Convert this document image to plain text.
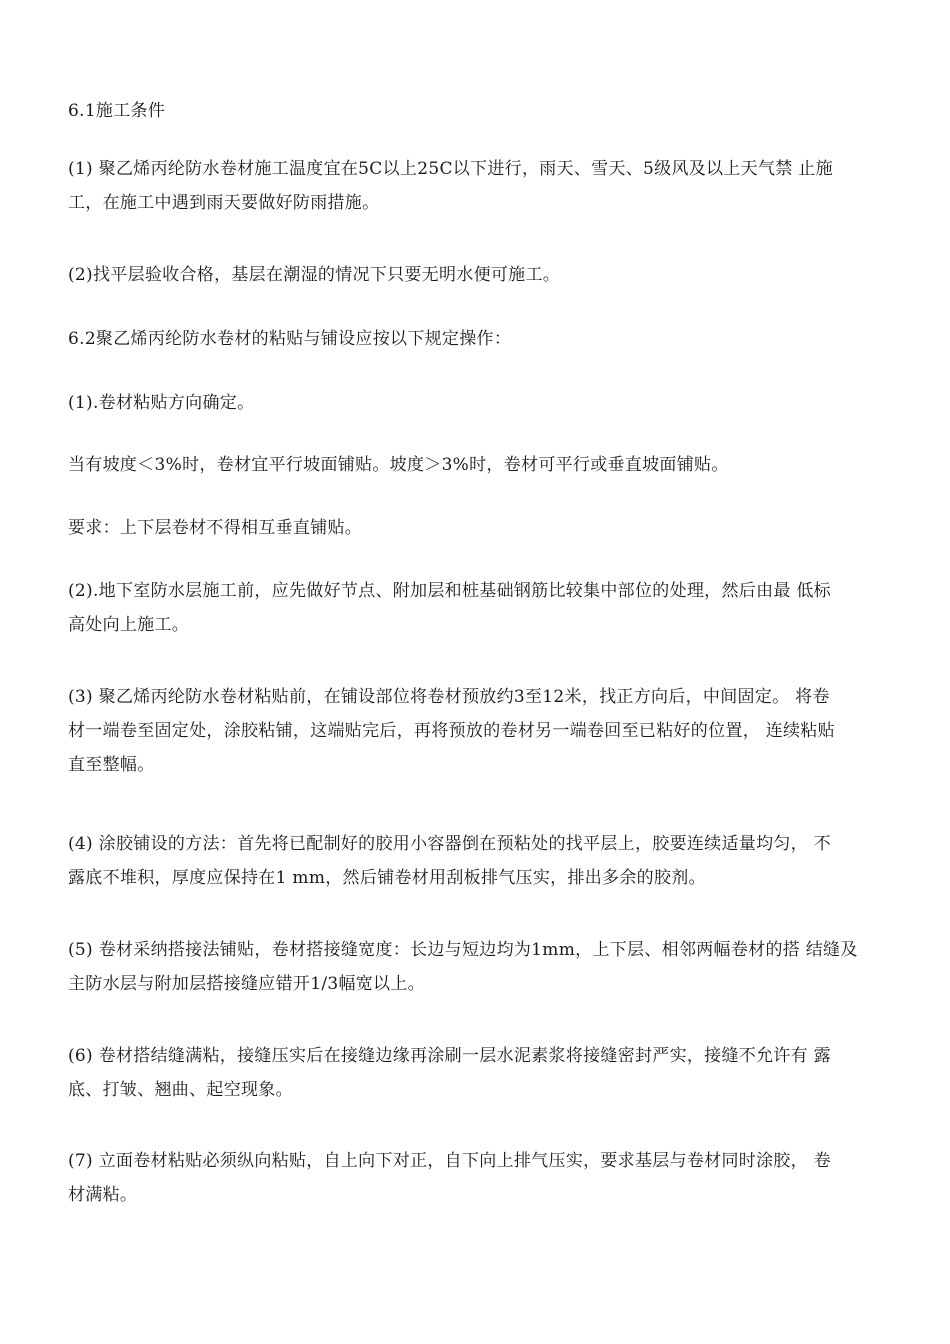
6.1施工条件

(1) 聚乙烯丙纶防水卷材施工温度宜在5C以上25C以下进行，雨天、雪天、5级风及以上天气禁 止施
工，在施工中遇到雨天要做好防雨措施。

(2)找平层验收合格，基层在潮湿的情况下只要无明水便可施工。

6.2聚乙烯丙纶防水卷材的粘贴与铺设应按以下规定操作：

(1).卷材粘贴方向确定。

当有坡度＜3%时，卷材宜平行坡面铺贴。坡度＞3%时，卷材可平行或垂直坡面铺贴。

要求：上下层卷材不得相互垂直铺贴。

(2).地下室防水层施工前，应先做好节点、附加层和桩基础钢筋比较集中部位的处理，然后由最 低标
高处向上施工。

(3) 聚乙烯丙纶防水卷材粘贴前，在铺设部位将卷材预放约3至12米，找正方向后，中间固定。 将卷
材一端卷至固定处，涂胶粘铺，这端贴完后，再将预放的卷材另一端卷回至已粘好的位置， 连续粘贴
直至整幅。

(4) 涂胶铺设的方法：首先将已配制好的胶用小容器倒在预粘处的找平层上，胶要连续适量均匀， 不
露底不堆积，厚度应保持在1 mm，然后铺卷材用刮板排气压实，排出多余的胶剂。

(5) 卷材采纳搭接法铺贴，卷材搭接缝宽度：长边与短边均为1mm，上下层、相邻两幅卷材的搭 结缝及
主防水层与附加层搭接缝应错开1/3幅宽以上。

(6) 卷材搭结缝满粘，接缝压实后在接缝边缘再涂刷一层水泥素浆将接缝密封严实，接缝不允许有 露
底、打皱、翘曲、起空现象。

(7) 立面卷材粘贴必须纵向粘贴，自上向下对正，自下向上排气压实，要求基层与卷材同时涂胶， 卷
材满粘。
